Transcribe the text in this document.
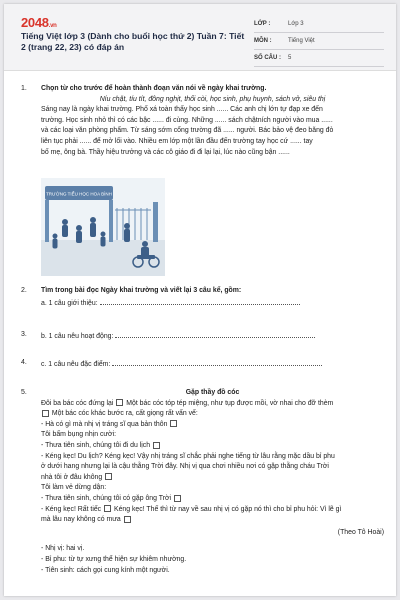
2048.vn
Tiếng Việt lớp 3 (Dành cho buổi học thứ 2) Tuần 7: Tiết 2 (trang 22, 23) có đáp án
LỚP :	Lớp 3
MÔN :	Tiếng Việt
SỐ CÂU :	5
1. Chọn từ cho trước để hoàn thành đoạn văn nói về ngày khai trường.
Níu chặt, tíu tít, đông nghịt, thổi còi, học sinh, phụ huynh, sách vở, siêu thị
Sáng nay là ngày khai trường. Phố xá toàn thấy học sinh ...... Các anh chị lớn tự đạp xe đến
trường. Học sinh nhỏ thì có các bậc ...... đi cùng. Những ...... sách chậtních người vào mua ......
và các loại văn phòng phẩm. Từ sáng sớm cổng trường đã ...... người. Bác bảo vệ đeo băng đỏ
liên tục phải ...... để mở lối vào. Nhiều em lớp một lần đầu đến trường tay học cứ ...... tay
bố mẹ, ông bà. Thầy hiệu trưởng và các cô giáo đi đi lại lại, lúc nào cũng bận ......
TRƯỜNG TIỂU HỌC HOA BÌNH
2. Tìm trong bài đọc Ngày khai trường và viết lại 3 câu kể, gồm:
a. 1 câu giới thiệu:
3. b. 1 câu nêu hoạt động:
4. c. 1 câu nêu đặc điểm:
5.	Gặp thầy đồ cóc
Đôi ba bác cóc đứng lại Một bác cóc tóp tép miệng, như tụp được mồi, vờ nhai cho đỡ thèm
Một bác cóc khác bước ra, cất giọng rất vấn vế:
- Hà có gì mà nhị vị tráng sĩ qua bản thôn
Tôi bấm bụng nhịn cười:
- Thưa tiên sinh, chúng tôi đi du lịch
- Kéng kẹc! Du lịch? Kéng kẹc! Vậy nhị tráng sĩ chắc phải nghe tiếng từ lâu rằng mặc dầu bỉ phu
ở dưới hang nhưng lại là cậu thằng Trời đây. Nhị vị qua chơi nhiều nơi có gặp thằng cháu Trời
nhà tôi ở đâu không
Tôi làm vẻ dừng dận:
- Thưa tiên sinh, chúng tôi có gặp ông Trời
- Kéng kẹc! Rất tiếc Kéng kẹc! Thế thì từ nay về sau nhị vị có gặp nó thì cho bỉ phu hỏi: Vì lẽ gì
mà lâu nay không có mưa
(Theo Tô Hoài)
- Nhị vị: hai vị.
- Bỉ phu: từ tự xưng thể hiện sự khiêm nhường.
- Tiên sinh: cách gọi cung kính một người.
